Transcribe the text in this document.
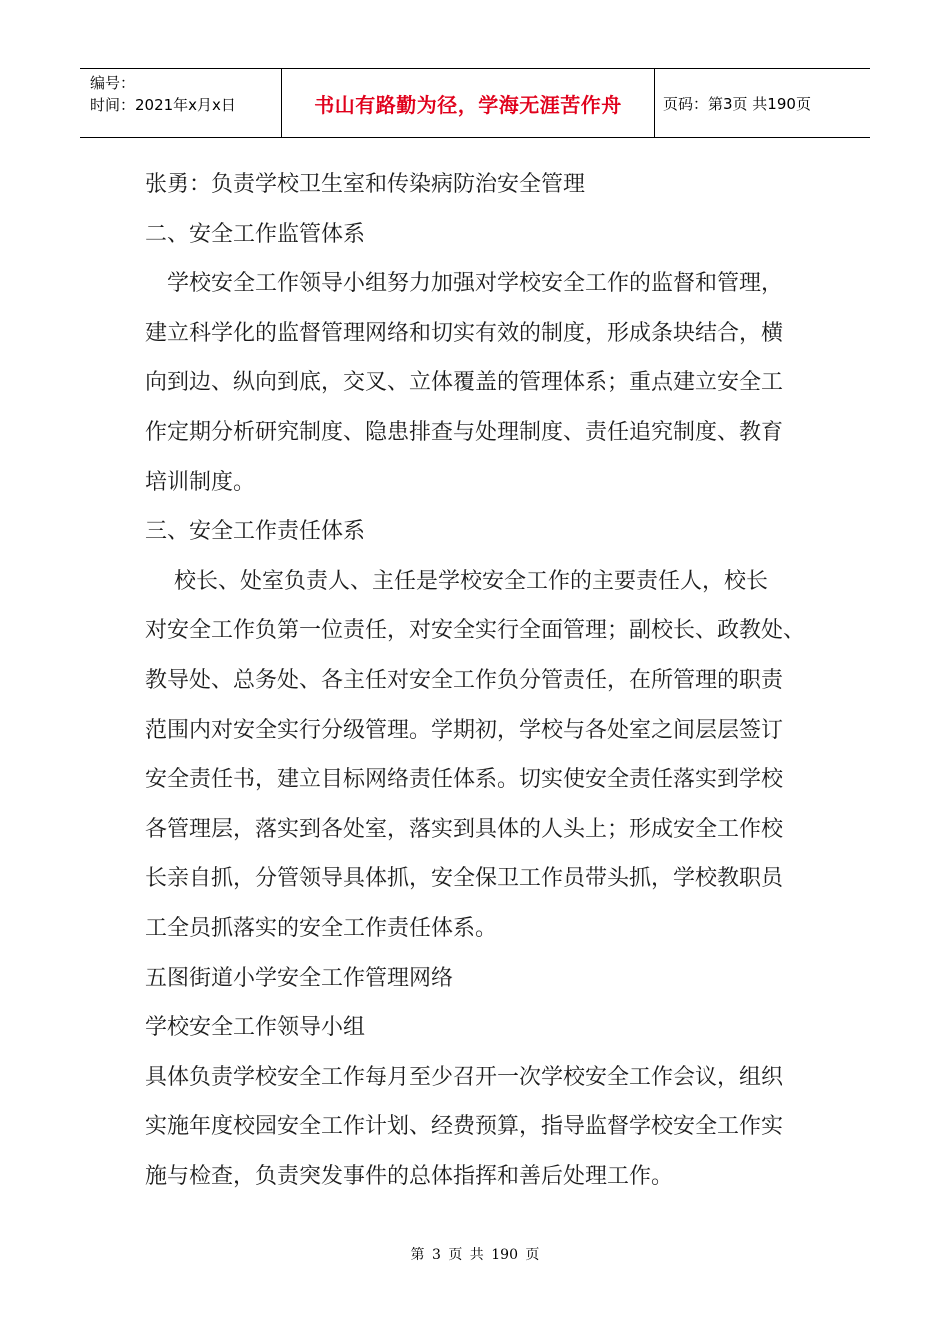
编号：
时间：2021年x月x日	书山有路勤为径，学海无涯苦作舟	页码：第3页 共190页
张勇：负责学校卫生室和传染病防治安全管理
二、安全工作监管体系
　学校安全工作领导小组努力加强对学校安全工作的监督和管理，
建立科学化的监督管理网络和切实有效的制度，形成条块结合，横
向到边、纵向到底，交叉、立体覆盖的管理体系；重点建立安全工
作定期分析研究制度、隐患排查与处理制度、责任追究制度、教育
培训制度。
三、安全工作责任体系
　 校长、处室负责人、主任是学校安全工作的主要责任人，校长
对安全工作负第一位责任，对安全实行全面管理；副校长、政教处、
教导处、总务处、各主任对安全工作负分管责任，在所管理的职责
范围内对安全实行分级管理。学期初，学校与各处室之间层层签订
安全责任书，建立目标网络责任体系。切实使安全责任落实到学校
各管理层，落实到各处室，落实到具体的人头上；形成安全工作校
长亲自抓，分管领导具体抓，安全保卫工作员带头抓，学校教职员
工全员抓落实的安全工作责任体系。
五图街道小学安全工作管理网络
学校安全工作领导小组
具体负责学校安全工作每月至少召开一次学校安全工作会议，组织
实施年度校园安全工作计划、经费预算，指导监督学校安全工作实
施与检查，负责突发事件的总体指挥和善后处理工作。
第 3 页 共 190 页
